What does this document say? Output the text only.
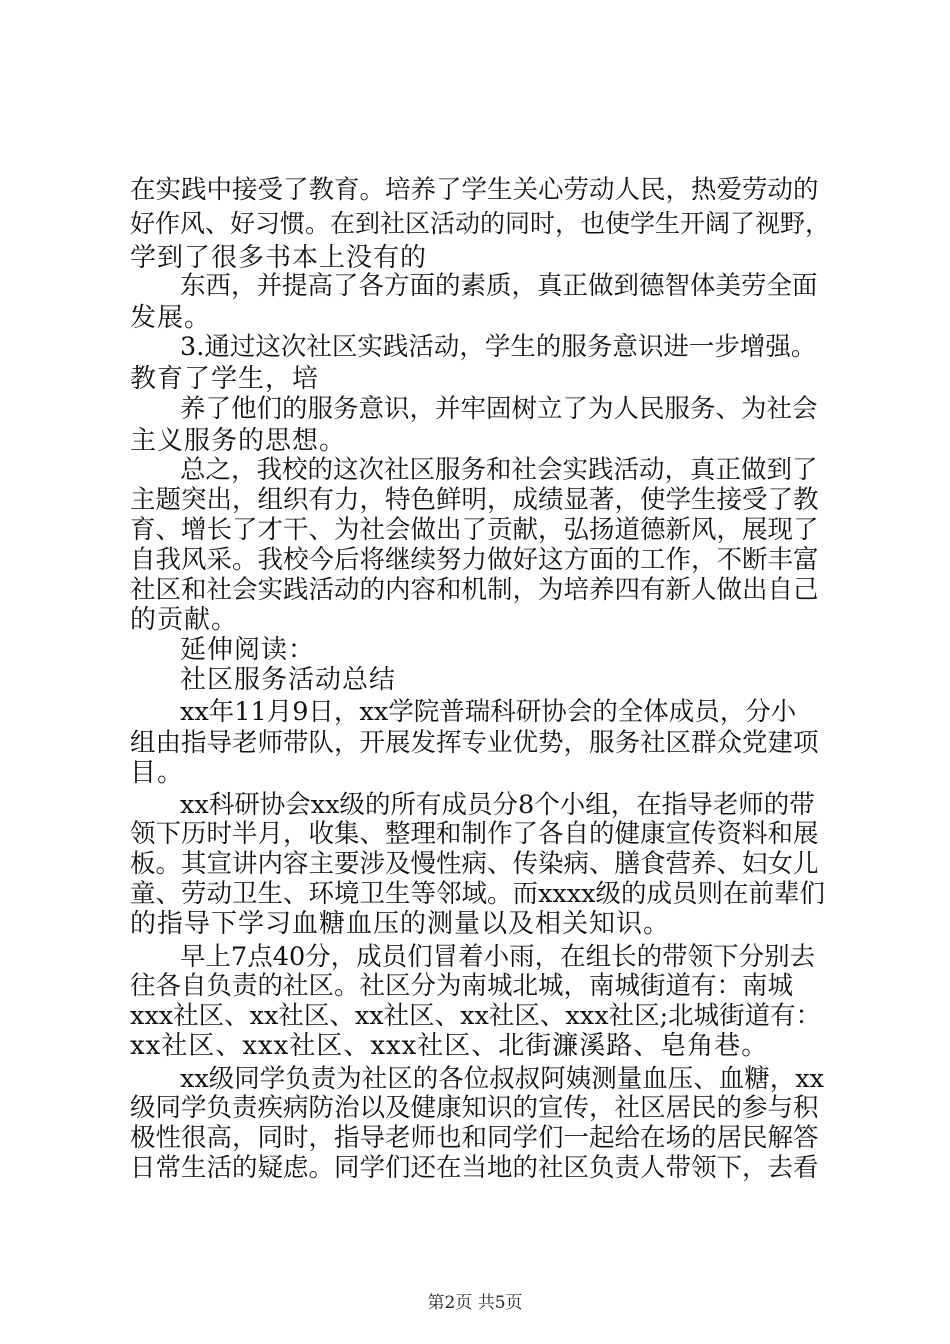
在实践中接受了教育。培养了学生关心劳动人民，热爱劳动的
好作风、好习惯。在到社区活动的同时，也使学生开阔了视野，
学到了很多书本上没有的
东西，并提高了各方面的素质，真正做到德智体美劳全面
发展。
3.通过这次社区实践活动，学生的服务意识进一步增强。
教育了学生，培
养了他们的服务意识，并牢固树立了为人民服务、为社会
主义服务的思想。
总之，我校的这次社区服务和社会实践活动，真正做到了
主题突出，组织有力，特色鲜明，成绩显著，使学生接受了教
育、增长了才干、为社会做出了贡献，弘扬道德新风，展现了
自我风采。我校今后将继续努力做好这方面的工作，不断丰富
社区和社会实践活动的内容和机制，为培养四有新人做出自己
的贡献。
延伸阅读：
社区服务活动总结
xx年11月9日，xx学院普瑞科研协会的全体成员，分小
组由指导老师带队，开展发挥专业优势，服务社区群众党建项
目。
xx科研协会xx级的所有成员分8个小组，在指导老师的带
领下历时半月，收集、整理和制作了各自的健康宣传资料和展
板。其宣讲内容主要涉及慢性病、传染病、膳食营养、妇女儿
童、劳动卫生、环境卫生等邻域。而xxxx级的成员则在前辈们
的指导下学习血糖血压的测量以及相关知识。
早上7点40分，成员们冒着小雨，在组长的带领下分别去
往各自负责的社区。社区分为南城北城，南城街道有：南城
xxx社区、xx社区、xx社区、xx社区、xxx社区;北城街道有：
xx社区、xxx社区、xxx社区、北街濂溪路、皂角巷。
xx级同学负责为社区的各位叔叔阿姨测量血压、血糖，xx
级同学负责疾病防治以及健康知识的宣传，社区居民的参与积
极性很高，同时，指导老师也和同学们一起给在场的居民解答
日常生活的疑虑。同学们还在当地的社区负责人带领下，去看
第2页 共5页
